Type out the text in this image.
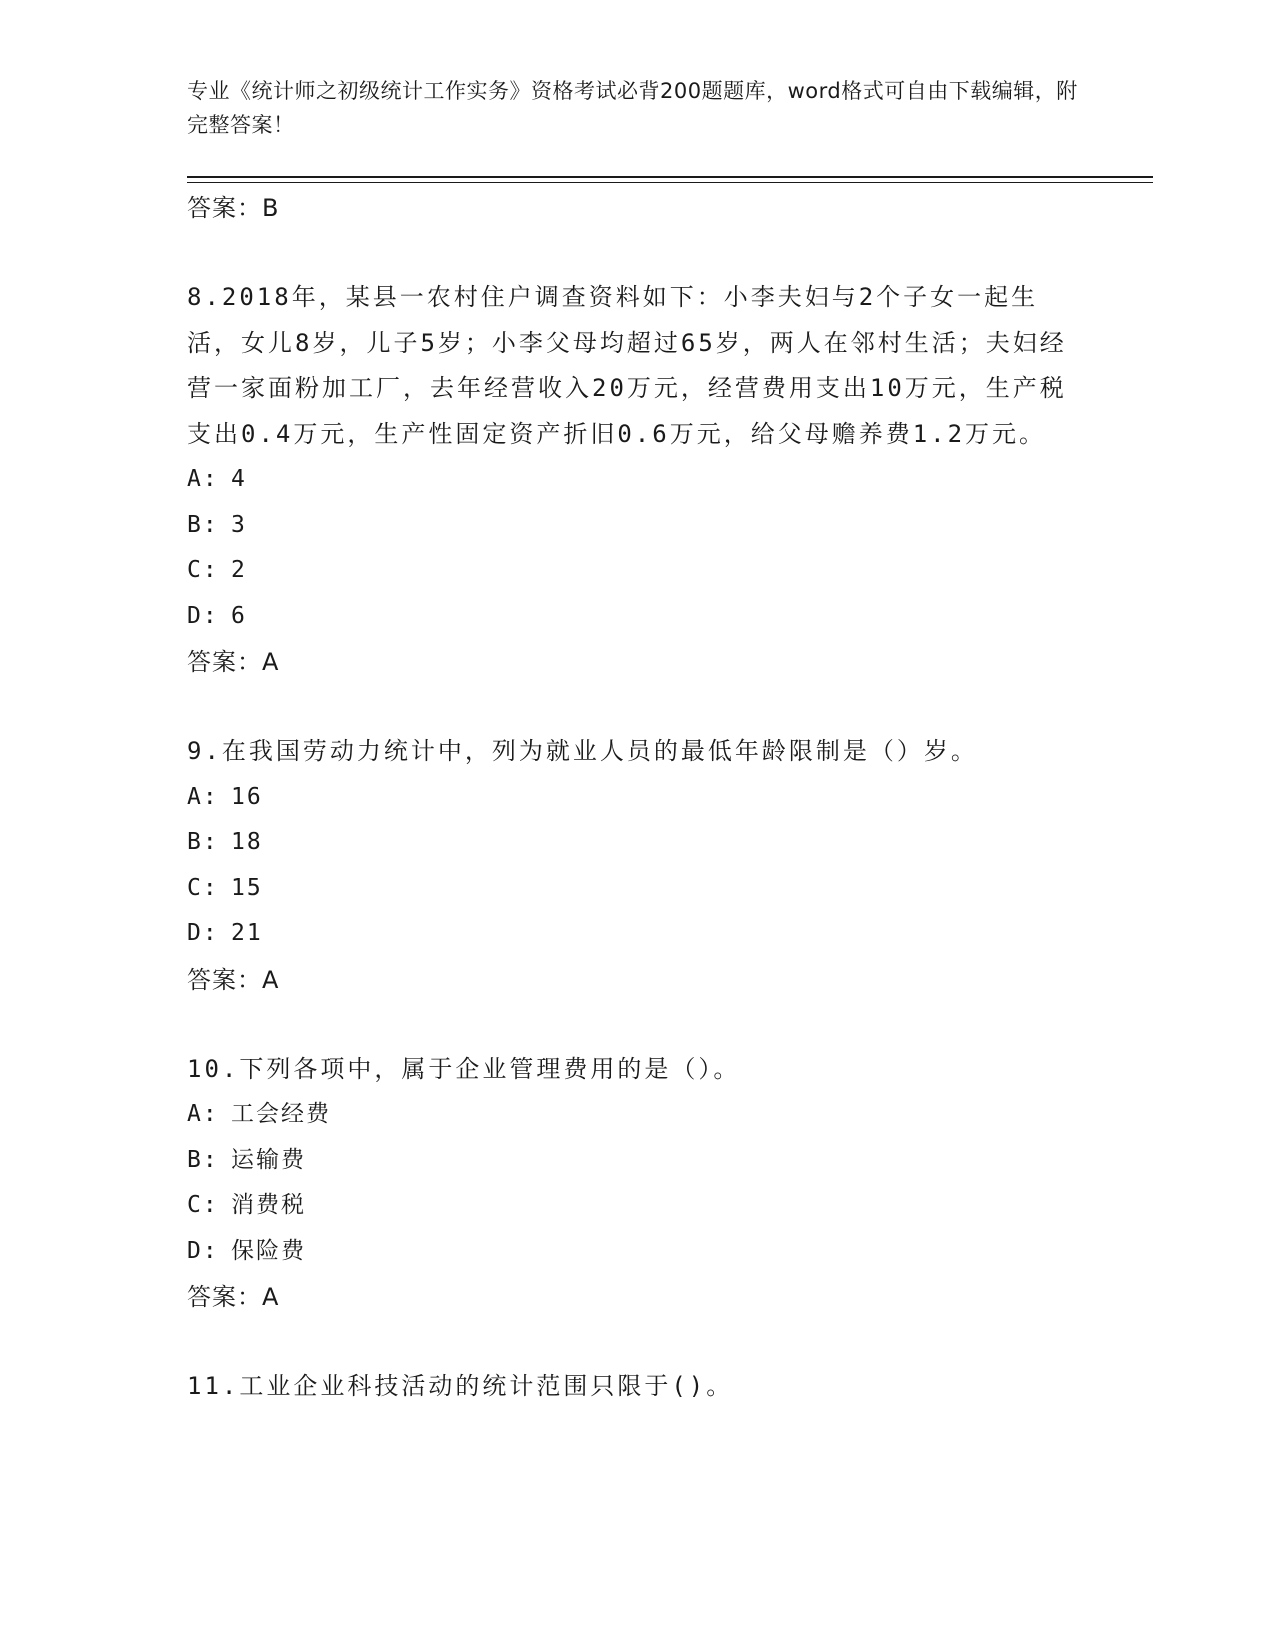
专业《统计师之初级统计工作实务》资格考试必背200题题库，word格式可自由下载编辑，附完整答案！
答案：B
8.2018年，某县一农村住户调查资料如下：小李夫妇与2个子女一起生活，女儿8岁，儿子5岁；小李父母均超过65岁，两人在邻村生活；夫妇经营一家面粉加工厂，去年经营收入20万元，经营费用支出10万元，生产税支出0.4万元，生产性固定资产折旧0.6万元，给父母赡养费1.2万元。
A: 4
B: 3
C: 2
D: 6
答案：A
9.在我国劳动力统计中，列为就业人员的最低年龄限制是（）岁。
A: 16
B: 18
C: 15
D: 21
答案：A
10.下列各项中，属于企业管理费用的是（）。
A: 工会经费
B: 运输费
C: 消费税
D: 保险费
答案：A
11.工业企业科技活动的统计范围只限于()。
